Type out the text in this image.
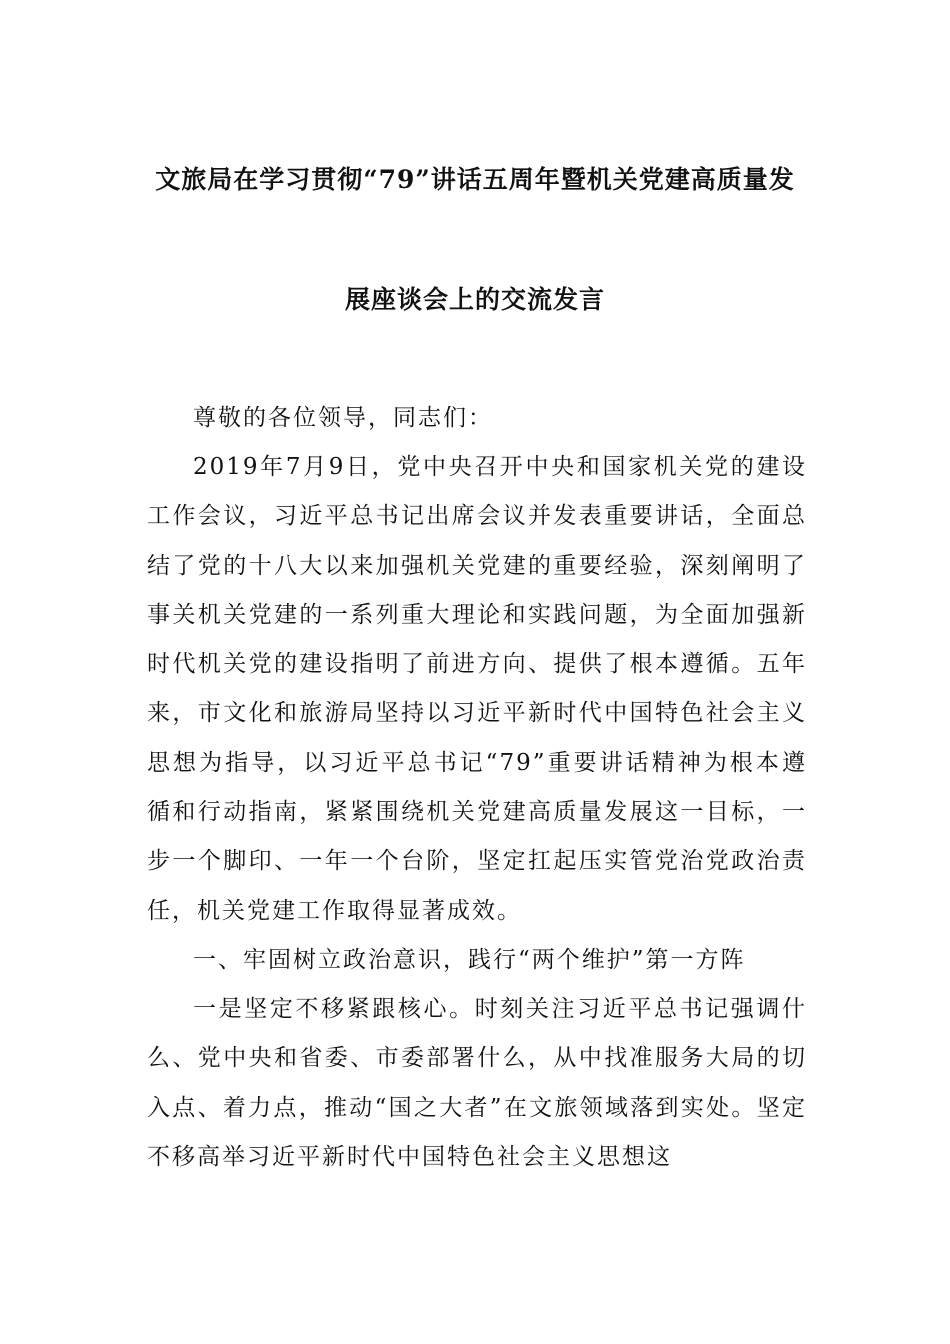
文旅局在学习贯彻“79”讲话五周年暨机关党建高质量发
展座谈会上的交流发言

尊敬的各位领导，同志们：

2019年7月9日，党中央召开中央和国家机关党的建设工作会议，习近平总书记出席会议并发表重要讲话，全面总结了党的十八大以来加强机关党建的重要经验，深刻阐明了事关机关党建的一系列重大理论和实践问题，为全面加强新时代机关党的建设指明了前进方向、提供了根本遵循。五年来，市文化和旅游局坚持以习近平新时代中国特色社会主义思想为指导，以习近平总书记“79”重要讲话精神为根本遵循和行动指南，紧紧围绕机关党建高质量发展这一目标，一步一个脚印、一年一个台阶，坚定扛起压实管党治党政治责任，机关党建工作取得显著成效。

一、牢固树立政治意识，践行“两个维护”第一方阵

一是坚定不移紧跟核心。时刻关注习近平总书记强调什么、党中央和省委、市委部署什么，从中找准服务大局的切入点、着力点，推动“国之大者”在文旅领域落到实处。坚定不移高举习近平新时代中国特色社会主义思想这
